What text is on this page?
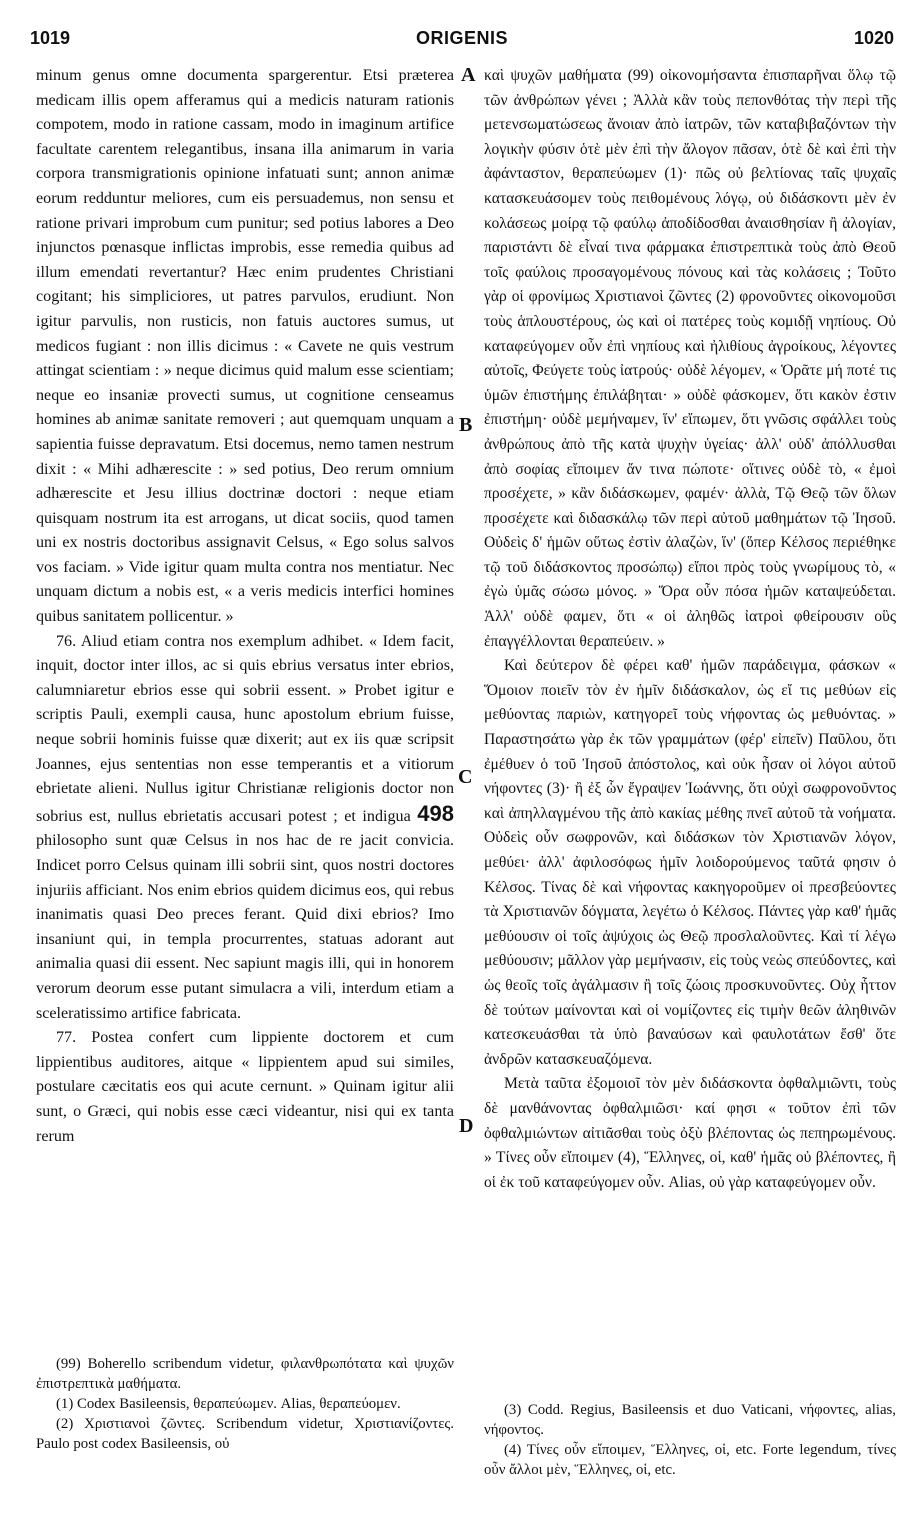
1019	ORIGENIS	1020
A
B
C
D

minum genus omne documenta spargerentur. Etsi prӕterea medicam illis opem afferamus qui a medicis naturam rationis compotem, modo in ratione cassam, modo in imaginum artifice facultate carentem relegantibus, insana illa animarum in varia corpora transmigrationis opinione infatuati sunt; annon animӕ eorum redduntur meliores, cum eis persuademus, non sensu et ratione privari improbum cum punitur; sed potius labores a Deo injunctos pœnasque inflictas improbis, esse remedia quibus ad illum emendati revertantur? Hӕc enim prudentes Christiani cogitant; his simpliciores, ut patres parvulos, erudiunt. Non igitur parvulis, non rusticis, non fatuis auctores sumus, ut medicos fugiant : non illis dicimus : « Cavete ne quis vestrum attingat scientiam : » neque dicimus quid malum esse scientiam; neque eo insaniӕ provecti sumus, ut cognitione censeamus homines ab animӕ sanitate removeri ; aut quemquam unquam a sapientia fuisse depravatum. Etsi docemus, nemo tamen nestrum dixit : « Mihi adhӕrescite : » sed potius, Deo rerum omnium adhӕrescite et Jesu illius doctrinӕ doctori : neque etiam quisquam nostrum ita est arrogans, ut dicat sociis, quod tamen uni ex nostris doctoribus assignavit Celsus, « Ego solus salvos vos faciam. » Vide igitur quam multa contra nos mentiatur. Nec unquam dictum a nobis est, « a veris medicis interfici homines quibus sanitatem pollicentur. »

76. Aliud etiam contra nos exemplum adhibet. « Idem facit, inquit, doctor inter illos, ac si quis ebrius versatus inter ebrios, calumniaretur ebrios esse qui sobrii essent. » Probet igitur e scriptis Pauli, exempli causa, hunc apostolum ebrium fuisse, neque sobrii hominis fuisse quӕ dixerit; aut ex iis quӕ scripsit Joannes, ejus sententias non esse temperantis et a vitiorum ebrietate alieni. Nullus igitur Christianӕ religionis doctor non sobrius est, nullus ebrietatis accusari potest ; et indigua 498 philosopho sunt quӕ Celsus in nos hac de re jacit convicia. Indicet porro Celsus quinam illi sobrii sint, quos nostri doctores injuriis afficiant. Nos enim ebrios quidem dicimus eos, qui rebus inanimatis quasi Deo preces ferant. Quid dixi ebrios? Imo insaniunt qui, in templa procurrentes, statuas adorant aut animalia quasi dii essent. Nec sapiunt magis illi, qui in honorem verorum deorum esse putant simulacra a vili, interdum etiam a sceleratissimo artifice fabricata.

77. Postea confert cum lippiente doctorem et cum lippientibus auditores, aitque « lippientem apud sui similes, postulare cӕcitatis eos qui acute cernunt. » Quinam igitur alii sunt, o Grӕci, qui nobis esse cӕci videantur, nisi qui ex tanta rerum

καὶ ψυχῶν μαθήματα (99) οἰκονομήσαντα ἐπισπαρῆναι ὅλῳ τῷ τῶν ἀνθρώπων γένει ; Ἀλλὰ κἂν τοὺς πεπονθότας τὴν περὶ τῆς μετενσωματώσεως ἄνοιαν ἀπὸ ἰατρῶν, τῶν καταβιβαζόντων τὴν λογικὴν φύσιν ὁτὲ μὲν ἐπὶ τὴν ἄλογον πᾶσαν, ὁτὲ δὲ καὶ ἐπὶ τὴν ἀφάνταστον, θεραπεύωμεν (1)· πῶς οὐ βελτίονας ταῖς ψυχαῖς κατασκευάσομεν τοὺς πειθομένους λόγῳ, οὐ διδάσκοντι μὲν ἐν κολάσεως μοίρᾳ τῷ φαύλῳ ἀποδίδοσθαι ἀναισθησίαν ἢ ἀλογίαν, παριστάντι δὲ εἶναί τινα φάρμακα ἐπιστρεπτικὰ τοὺς ἀπὸ Θεοῦ τοῖς φαύλοις προσαγομένους πόνους καὶ τὰς κολάσεις ; Τοῦτο γὰρ οἱ φρονίμως Χριστιανοὶ ζῶντες (2) φρονοῦντες οἰκονομοῦσι τοὺς ἁπλουστέρους, ὡς καὶ οἱ πατέρες τοὺς κομιδῇ νηπίους. Οὐ καταφεύγομεν οὖν ἐπὶ νηπίους καὶ ἠλιθίους ἀγροίκους, λέγοντες αὐτοῖς, Φεύγετε τοὺς ἰατρούς· οὐδὲ λέγομεν, « Ὁρᾶτε μή ποτέ τις ὑμῶν ἐπιστήμης ἐπιλάβηται· » οὐδὲ φάσκομεν, ὅτι κακὸν ἐστιν ἐπιστήμη· οὐδὲ μεμήναμεν, ἵν' εἴπωμεν, ὅτι γνῶσις σφάλλει τοὺς ἀνθρώπους ἀπὸ τῆς κατὰ ψυχὴν ὑγείας· ἀλλ' οὐδ' ἀπόλλυσθαι ἀπὸ σοφίας εἴποιμεν ἄν τινα πώποτε· οἵτινες οὐδὲ τὸ, « ἐμοὶ προσέχετε, » κἂν διδάσκωμεν, φαμέν· ἀλλὰ, Τῷ Θεῷ τῶν ὅλων προσέχετε καὶ διδασκάλῳ τῶν περὶ αὐτοῦ μαθημάτων τῷ Ἰησοῦ. Οὐδεὶς δ' ἡμῶν οὕτως ἐστὶν ἀλαζὼν, ἵν' (ὅπερ Κέλσος περιέθηκε τῷ τοῦ διδάσκοντος προσώπῳ) εἴποι πρὸς τοὺς γνωρίμους τὸ, « ἐγὼ ὑμᾶς σώσω μόνος. » Ὅρα οὖν πόσα ἡμῶν καταψεύδεται. Ἀλλ' οὐδὲ φαμεν, ὅτι « οἱ ἀληθῶς ἰατροὶ φθείρουσιν οὓς ἐπαγγέλλονται θεραπεύειν. »

Καὶ δεύτερον δὲ φέρει καθ' ἡμῶν παράδειγμα, φάσκων « Ὅμοιον ποιεῖν τὸν ἐν ἡμῖν διδάσκαλον, ὡς εἴ τις μεθύων εἰς μεθύοντας παριὼν, κατηγορεῖ τοὺς νήφοντας ὡς μεθυόντας. » Παραστησάτω γὰρ ἐκ τῶν γραμμάτων (φέρ' εἰπεῖν) Παῦλου, ὅτι ἐμέθυεν ὁ τοῦ Ἰησοῦ ἀπόστολος, καὶ οὐκ ἦσαν οἱ λόγοι αὐτοῦ νήφοντες (3)· ἢ ἐξ ὧν ἔγραψεν Ἰωάννης, ὅτι οὐχὶ σωφρονοῦντος καὶ ἀπηλλαγμένου τῆς ἀπὸ κακίας μέθης πνεῖ αὐτοῦ τὰ νοήματα. Οὐδεὶς οὖν σωφρονῶν, καὶ διδάσκων τὸν Χριστιανῶν λόγον, μεθύει· ἀλλ' ἀφιλοσόφως ἡμῖν λοιδορούμενος ταῦτά φησιν ὁ Κέλσος. Τίνας δὲ καὶ νήφοντας κακηγοροῦμεν οἱ πρεσβεύοντες τὰ Χριστιανῶν δόγματα, λεγέτω ὁ Κέλσος. Πάντες γὰρ καθ' ἡμᾶς μεθύουσιν οἱ τοῖς ἀψύχοις ὡς Θεῷ προσλαλοῦντες. Καὶ τί λέγω μεθύουσιν; μᾶλλον γὰρ μεμήνασιν, εἰς τοὺς νεὼς σπεύδοντες, καὶ ὡς θεοῖς τοῖς ἀγάλμασιν ἢ τοῖς ζώοις προσκυνοῦντες. Οὐχ ἧττον δὲ τούτων μαίνονται καὶ οἱ νομίζοντες εἰς τιμὴν θεῶν ἀληθινῶν κατεσκευάσθαι τὰ ὑπὸ βαναύσων καὶ φαυλοτάτων ἔσθ' ὅτε ἀνδρῶν κατασκευαζόμενα.

Μετὰ ταῦτα ἐξομοιοῖ τὸν μὲν διδάσκοντα ὀφθαλμιῶντι, τοὺς δὲ μανθάνοντας ὀφθαλμιῶσι· καί φησι « τοῦτον ἐπὶ τῶν ὀφθαλμιώντων αἰτιᾶσθαι τοὺς ὀξὺ βλέποντας ὡς πεπηρωμένους. » Τίνες οὖν εἴποιμεν (4), Ἕλληνες, οἱ, καθ' ἡμᾶς οὐ βλέποντες, ἢ οἱ ἐκ τοῦ καταφεύγομεν οὖν. Alias, οὐ γὰρ καταφεύγομεν οὖν.

(99) Boherello scribendum videtur, φιλανθρωπότατα καὶ ψυχῶν ἐπιστρεπτικὰ μαθήματα.

(1) Codex Basileensis, θεραπεύωμεν. Alias, θεραπεύομεν.

(2) Χριστιανοὶ ζῶντες. Scribendum videtur, Χριστιανίζοντες. Paulo post codex Basileensis, οὐ

(3) Codd. Regius, Basileensis et duo Vaticani, νήφοντες, alias, νήφοντος.

(4) Τίνες οὖν εἴποιμεν, Ἕλληνες, οἱ, etc. Forte legendum, τίνες οὖν ἄλλοι μὲν, Ἕλληνες, οἱ, etc.
